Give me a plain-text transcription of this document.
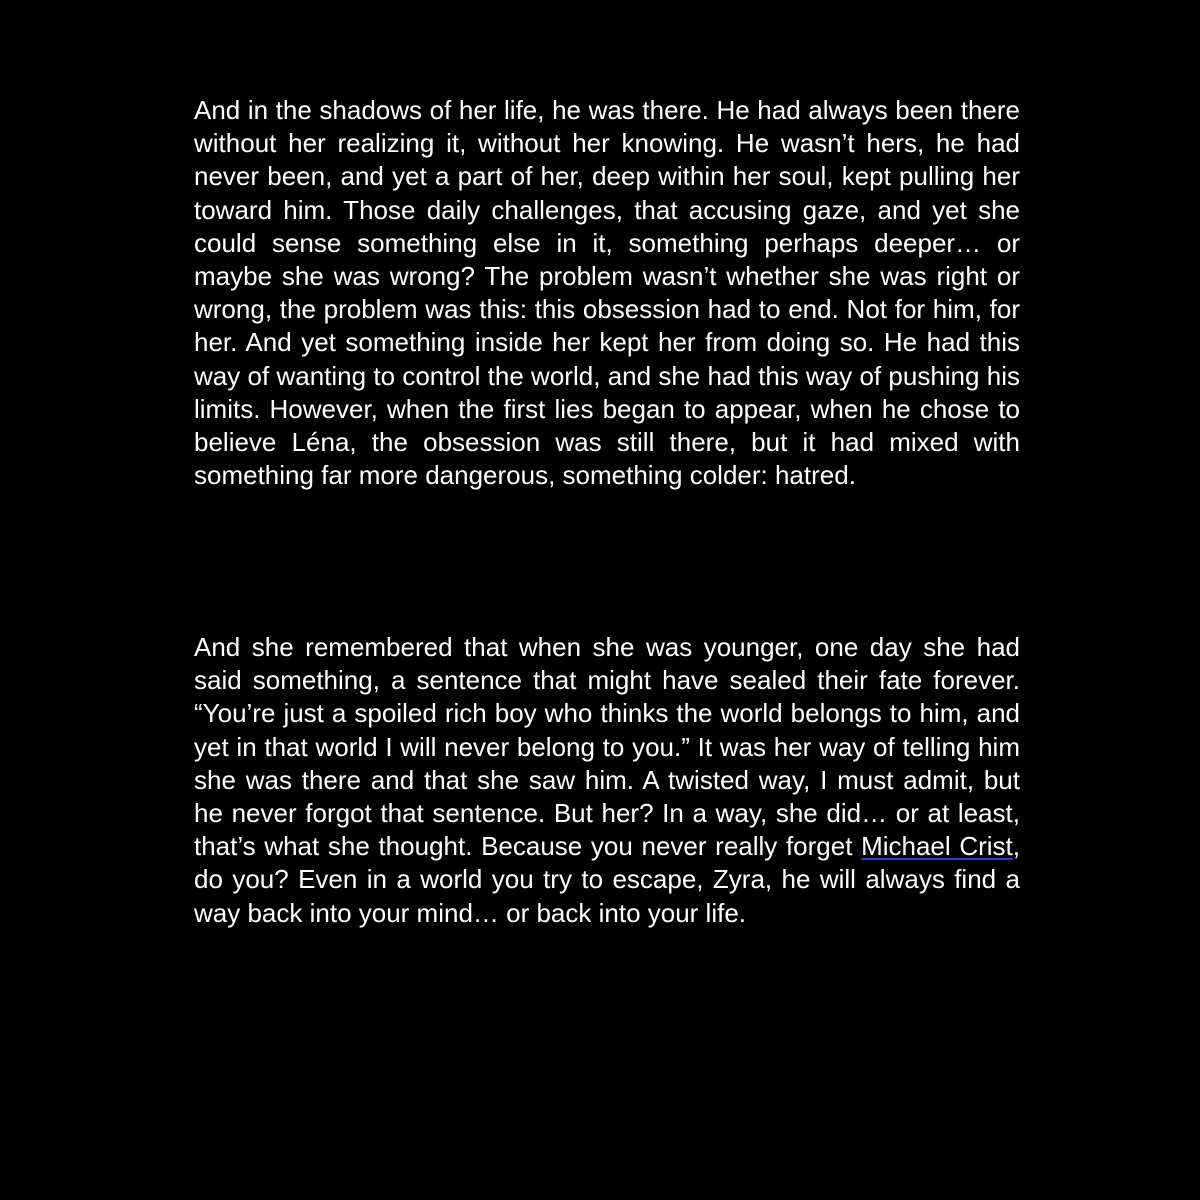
And in the shadows of her life, he was there. He had always been there without her realizing it, without her knowing. He wasn’t hers, he had never been, and yet a part of her, deep within her soul, kept pulling her toward him. Those daily challenges, that accusing gaze, and yet she could sense something else in it, something perhaps deeper… or maybe she was wrong? The problem wasn’t whether she was right or wrong, the problem was this: this obsession had to end. Not for him, for her. And yet something inside her kept her from doing so. He had this way of wanting to control the world, and she had this way of pushing his limits. However, when the first lies began to appear, when he chose to believe Léna, the obsession was still there, but it had mixed with something far more dangerous, something colder: hatred.

And she remembered that when she was younger, one day she had said something, a sentence that might have sealed their fate forever. “You’re just a spoiled rich boy who thinks the world belongs to him, and yet in that world I will never belong to you.” It was her way of telling him she was there and that she saw him. A twisted way, I must admit, but he never forgot that sentence. But her? In a way, she did… or at least, that’s what she thought. Because you never really forget Michael Crist, do you? Even in a world you try to escape, Zyra, he will always find a way back into your mind… or back into your life.
